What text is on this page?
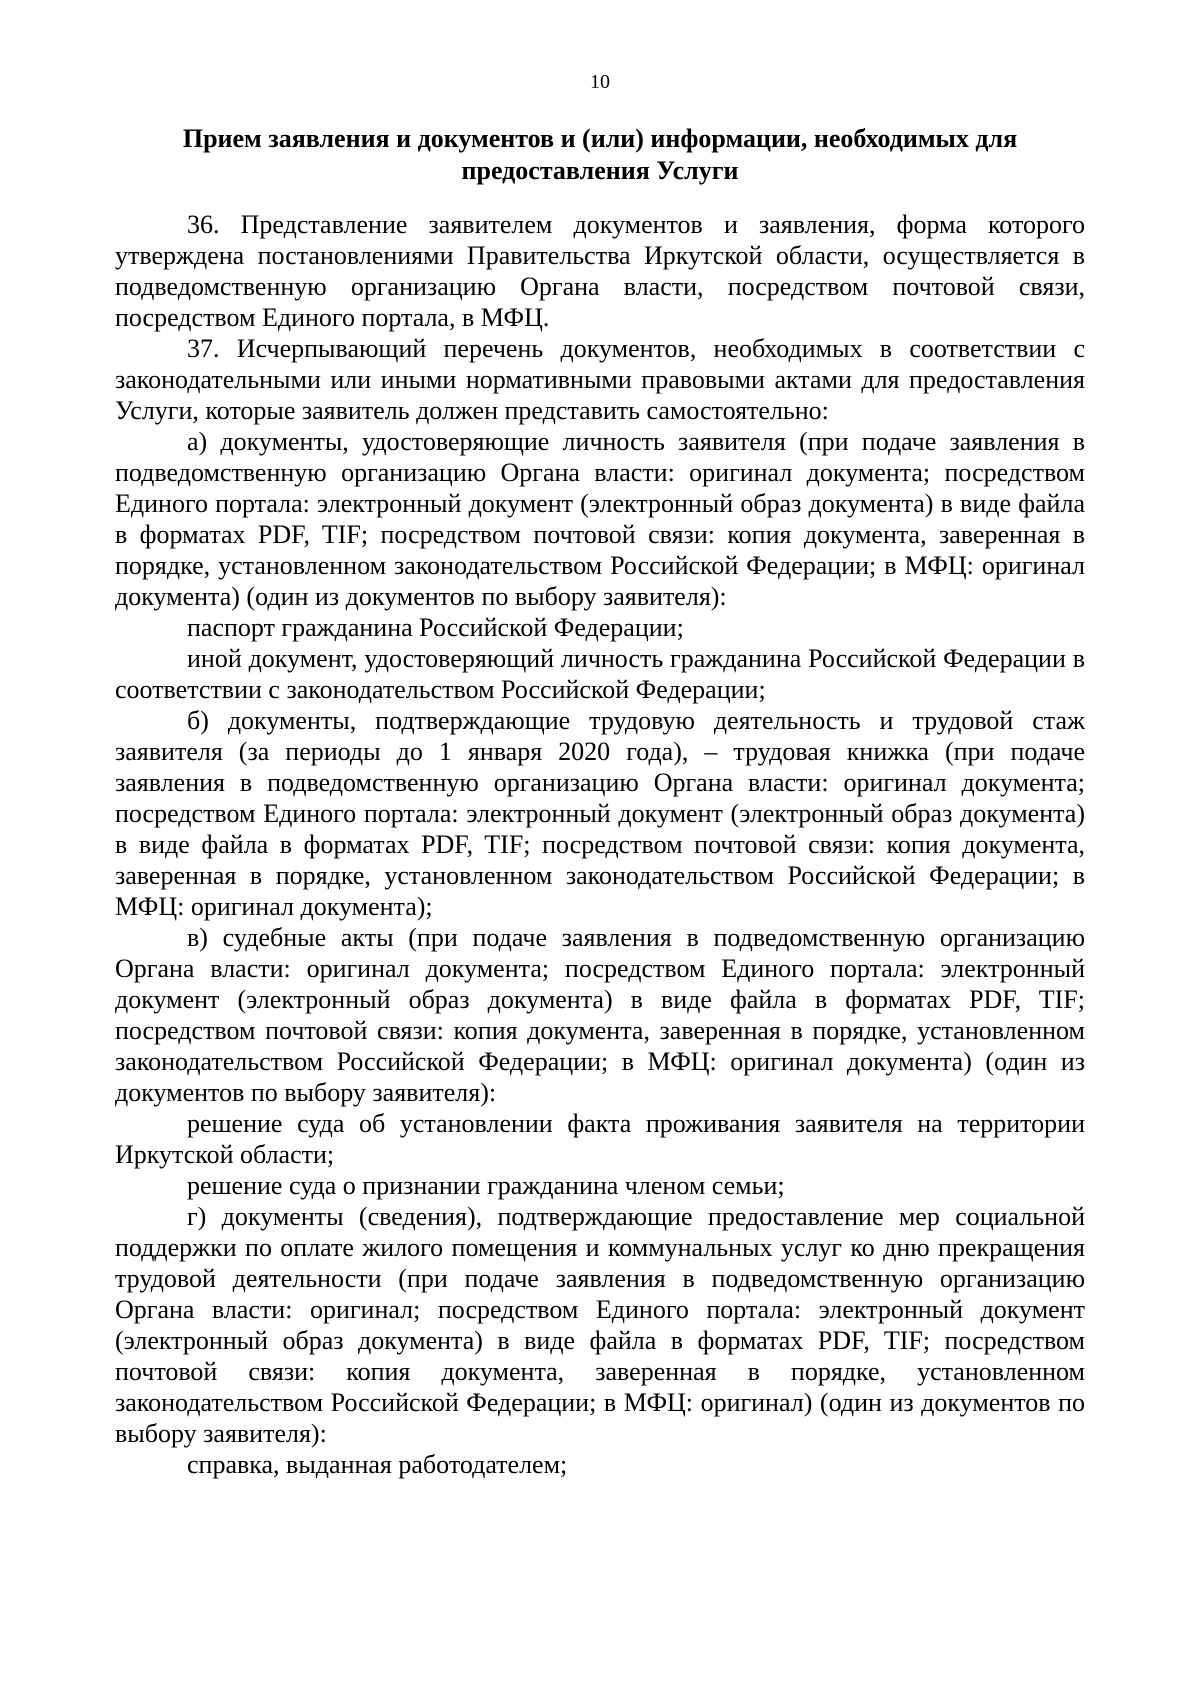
10
Прием заявления и документов и (или) информации, необходимых для
предоставления Услуги

36. Представление заявителем документов и заявления, форма которого утверждена постановлениями Правительства Иркутской области, осуществляется в подведомственную организацию Органа власти, посредством почтовой связи, посредством Единого портала, в МФЦ.

37. Исчерпывающий перечень документов, необходимых в соответствии с законодательными или иными нормативными правовыми актами для предоставления Услуги, которые заявитель должен представить самостоятельно:

а) документы, удостоверяющие личность заявителя (при подаче заявления в подведомственную организацию Органа власти: оригинал документа; посредством Единого портала: электронный документ (электронный образ документа) в виде файла в форматах PDF, TIF; посредством почтовой связи: копия документа, заверенная в порядке, установленном законодательством Российской Федерации; в МФЦ: оригинал документа) (один из документов по выбору заявителя):

паспорт гражданина Российской Федерации;

иной документ, удостоверяющий личность гражданина Российской Федерации в соответствии с законодательством Российской Федерации;

б) документы, подтверждающие трудовую деятельность и трудовой стаж заявителя (за периоды до 1 января 2020 года), – трудовая книжка (при подаче заявления в подведомственную организацию Органа власти: оригинал документа; посредством Единого портала: электронный документ (электронный образ документа) в виде файла в форматах PDF, TIF; посредством почтовой связи: копия документа, заверенная в порядке, установленном законодательством Российской Федерации; в МФЦ: оригинал документа);

в) судебные акты (при подаче заявления в подведомственную организацию Органа власти: оригинал документа; посредством Единого портала: электронный документ (электронный образ документа) в виде файла в форматах PDF, TIF; посредством почтовой связи: копия документа, заверенная в порядке, установленном законодательством Российской Федерации; в МФЦ: оригинал документа) (один из документов по выбору заявителя):

решение суда об установлении факта проживания заявителя на территории Иркутской области;

решение суда о признании гражданина членом семьи;

г) документы (сведения), подтверждающие предоставление мер социальной поддержки по оплате жилого помещения и коммунальных услуг ко дню прекращения трудовой деятельности (при подаче заявления в подведомственную организацию Органа власти: оригинал; посредством Единого портала: электронный документ (электронный образ документа) в виде файла в форматах PDF, TIF; посредством почтовой связи: копия документа, заверенная в порядке, установленном законодательством Российской Федерации; в МФЦ: оригинал) (один из документов по выбору заявителя):

справка, выданная работодателем;
